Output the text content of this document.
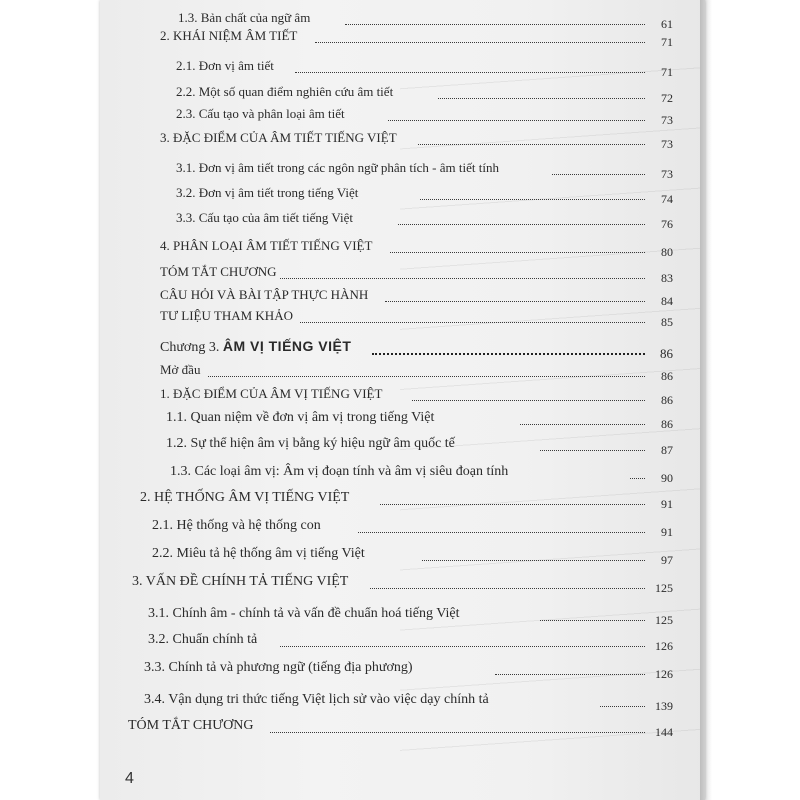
1.3. Bản chất của ngữ âm	61
2. KHÁI NIỆM ÂM TIẾT	71
2.1. Đơn vị âm tiết	71
2.2. Một số quan điểm nghiên cứu âm tiết	72
2.3. Cấu tạo và phân loại âm tiết	73
3. ĐẶC ĐIỂM CỦA ÂM TIẾT TIẾNG VIỆT	73
3.1. Đơn vị âm tiết trong các ngôn ngữ phân tích - âm tiết tính	73
3.2. Đơn vị âm tiết trong tiếng Việt	74
3.3. Cấu tạo của âm tiết tiếng Việt	76
4. PHÂN LOẠI ÂM TIẾT TIẾNG VIỆT	80
TÓM TẮT CHƯƠNG	83
CÂU HỎI VÀ BÀI TẬP THỰC HÀNH	84
TƯ LIỆU THAM KHẢO	85
Chương 3. ÂM VỊ TIẾNG VIỆT	86
Mở đầu	86
1. ĐẶC ĐIỂM CỦA ÂM VỊ TIẾNG VIỆT	86
1.1. Quan niệm về đơn vị âm vị trong tiếng Việt	86
1.2. Sự thể hiện âm vị bằng ký hiệu ngữ âm quốc tế	87
1.3. Các loại âm vị: Âm vị đoạn tính và âm vị siêu đoạn tính	90
2. HỆ THỐNG ÂM VỊ TIẾNG VIỆT	91
2.1. Hệ thống và hệ thống con	91
2.2. Miêu tả hệ thống âm vị tiếng Việt	97
3. VẤN ĐỀ CHÍNH TẢ TIẾNG VIỆT	125
3.1. Chính âm - chính tả và vấn đề chuẩn hoá tiếng Việt	125
3.2. Chuẩn chính tả	126
3.3. Chính tả và phương ngữ (tiếng địa phương)	126
3.4. Vận dụng tri thức tiếng Việt lịch sử vào việc dạy chính tả	139
TÓM TẮT CHƯƠNG	144
4
